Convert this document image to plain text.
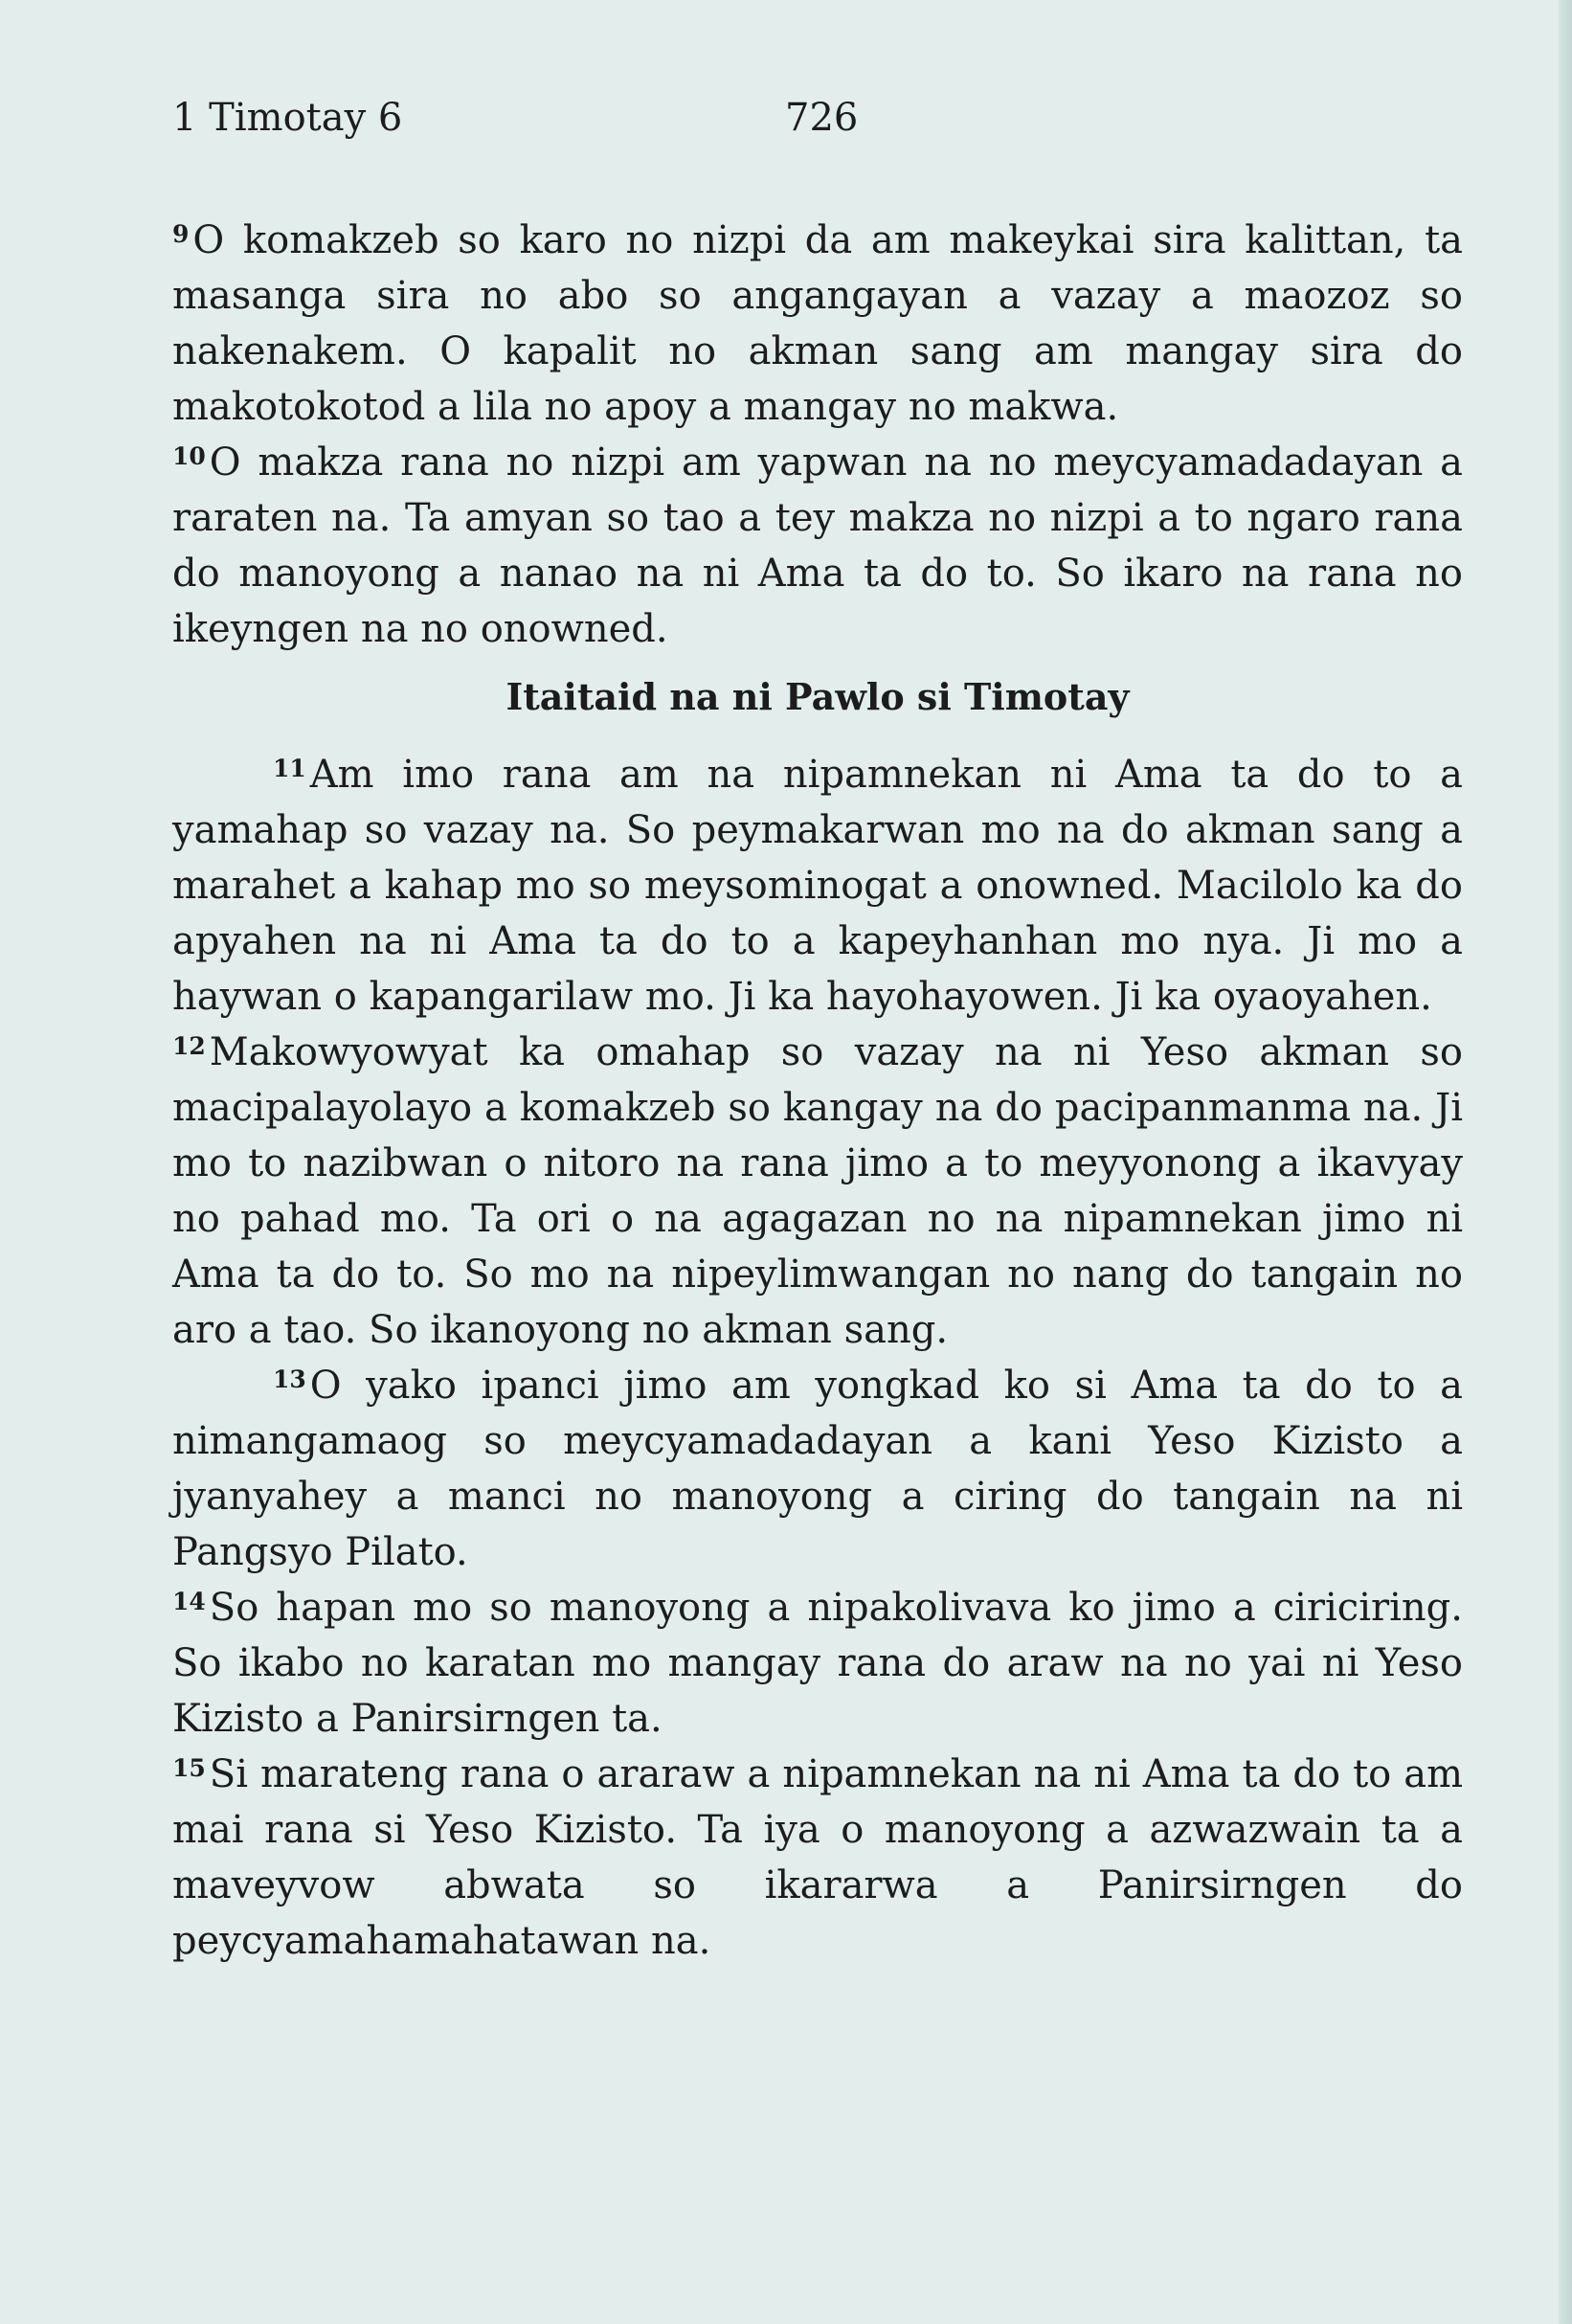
1 Timotay 6	726

$^9$ O komakzeb so karo no nizpi da am makeykai sira kalittan, ta masanga sira no abo so angangayan a vazay a maozoz so nakenakem. O kapalit no akman sang am mangay sira do makotokotod a lila no apoy a mangay no makwa.

$^{10}$ O makza rana no nizpi am yapwan na no meycyamadadayan a raraten na. Ta amyan so tao a tey makza no nizpi a to ngaro rana do manoyong a nanao na ni Ama ta do to. So ikaro na rana no ikeyngen na no onowned.

Itaitaid na ni Pawlo si Timotay

$^{11}$ Am imo rana am na nipamnekan ni Ama ta do to a yamahap so vazay na. So peymakarwan mo na do akman sang a marahet a kahap mo so meysominogat a onowned. Macilolo ka do apyahen na ni Ama ta do to a kapeyhanhan mo nya. Ji mo a haywan o kapangarilaw mo. Ji ka hayohayowen. Ji ka oyaoyahen.

$^{12}$ Makowyowyat ka omahap so vazay na ni Yeso akman so macipalayolayo a komakzeb so kangay na do pacipanmanma na. Ji mo to nazibwan o nitoro na rana jimo a to meyyonong a ikavyay no pahad mo. Ta ori o na agagazan no na nipamnekan jimo ni Ama ta do to. So mo na nipeylimwangan no nang do tangain no aro a tao. So ikanoyong no akman sang.

$^{13}$ O yako ipanci jimo am yongkad ko si Ama ta do to a nimangamaog so meycyamadadayan a kani Yeso Kizisto a jyanyahey a manci no manoyong a ciring do tangain na ni Pangsyo Pilato.

$^{14}$ So hapan mo so manoyong a nipakolivava ko jimo a ciriciring. So ikabo no karatan mo mangay rana do araw na no yai ni Yeso Kizisto a Panirsirngen ta.

$^{15}$ Si marateng rana o araraw a nipamnekan na ni Ama ta do to am mai rana si Yeso Kizisto. Ta iya o manoyong a azwazwain ta a maveyvow abwata so ikararwa a Panirsirngen do peycyamahamahatawan na.
